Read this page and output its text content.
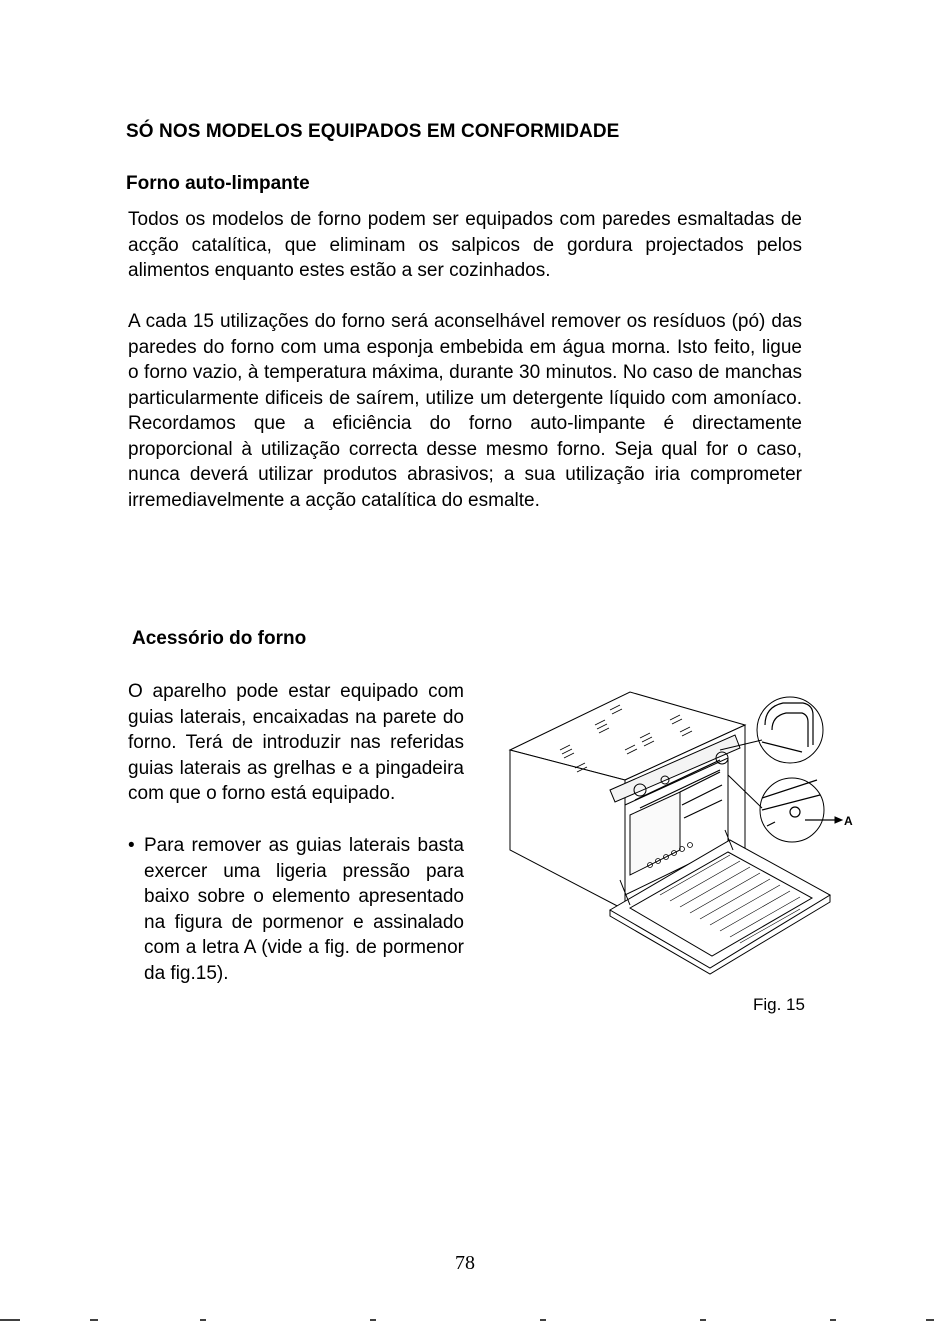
SÓ NOS MODELOS EQUIPADOS EM CONFORMIDADE
Forno auto-limpante
Todos os modelos de forno podem ser equipados com paredes esmaltadas de acção catalítica, que eliminam os salpicos de gordura projectados pelos alimentos enquanto estes estão a ser cozinhados.
A cada 15 utilizações do forno será aconselhável remover os resíduos (pó) das paredes do forno com uma esponja embebida em água morna. Isto feito, ligue o forno vazio, à temperatura máxima, durante 30 minutos. No caso de manchas particularmente dificeis de saírem, utilize um detergente líquido com amoníaco. Recordamos que a eficiência do forno auto-limpante é directamente proporcional à utilização correcta desse mesmo forno. Seja qual for o caso, nunca deverá utilizar produtos abrasivos; a sua utilização iria comprometer irremediavelmente a acção catalítica do esmalte.
Acessório do forno
O aparelho pode estar equipado com guias laterais, encaixadas na parete do forno. Terá de introduzir nas referidas guias laterais as grelhas e a pingadeira com que o forno está equipado.
• Para remover as guias laterais basta exercer uma ligeria pressão para baixo sobre o elemento apresentado na figura de pormenor e assinalado com a letra A (vide a fig. de pormenor da fig.15).
A
Fig. 15
78
